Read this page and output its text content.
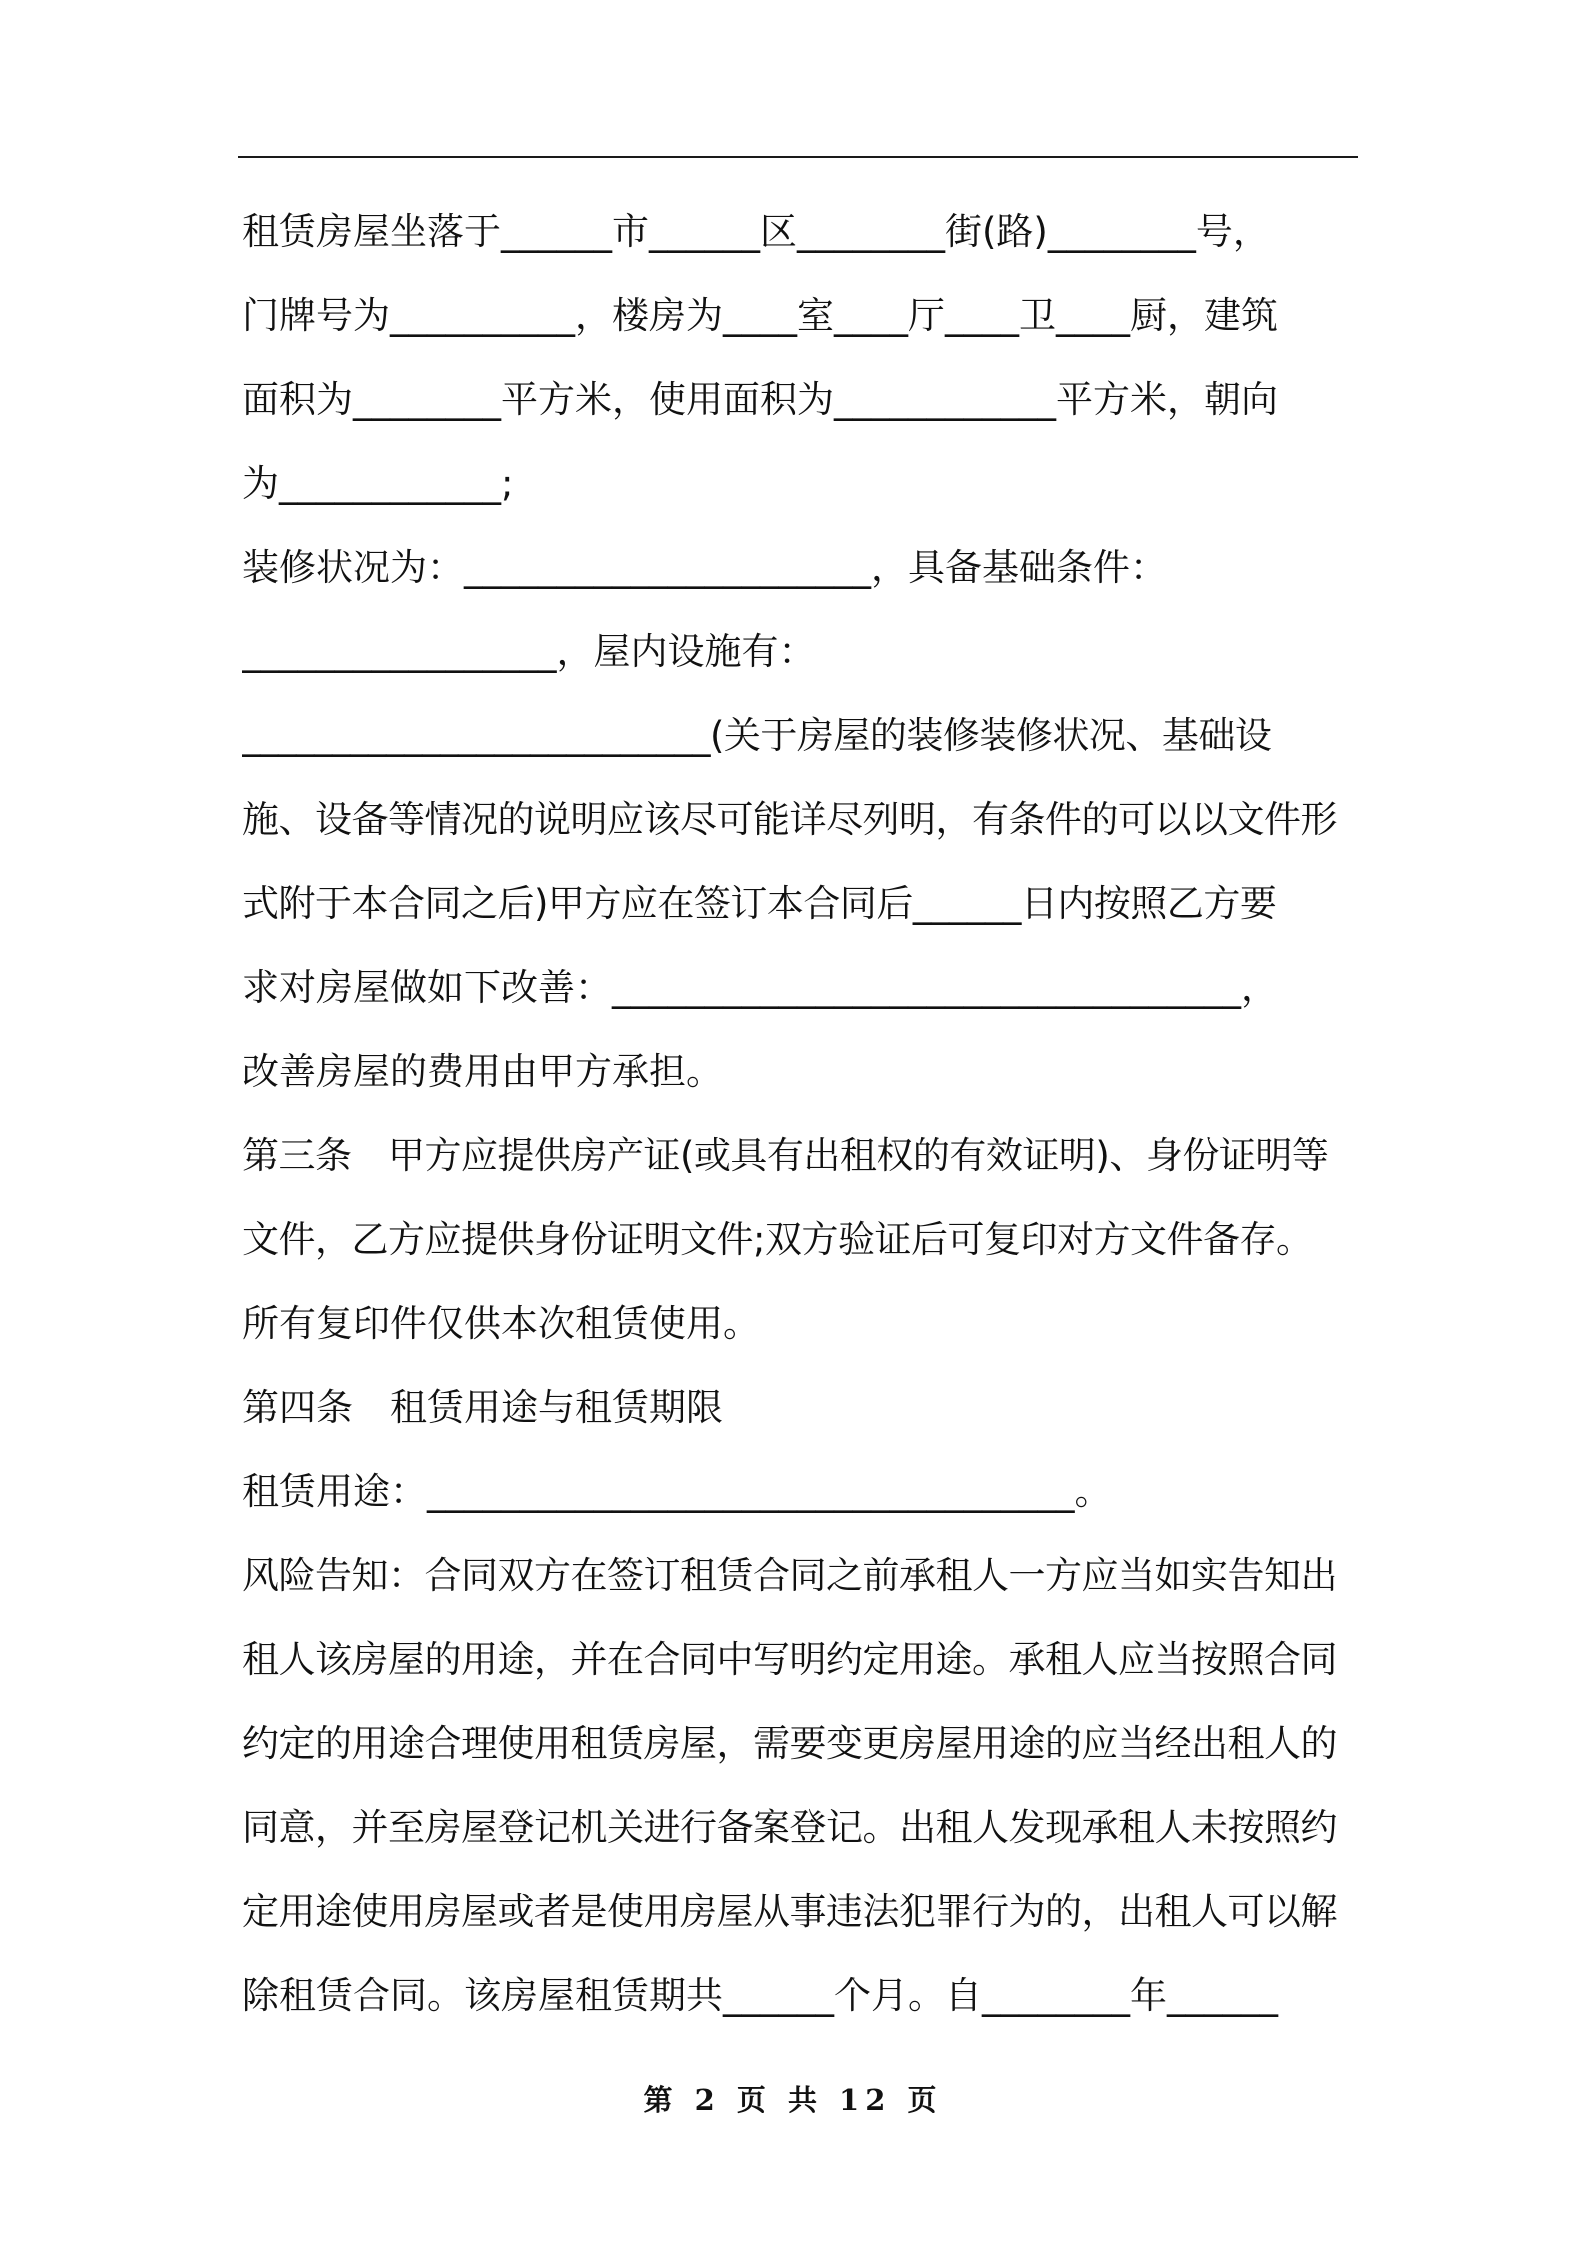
租赁房屋坐落于______市______区________街(路)________号，
门牌号为__________，楼房为____室____厅____卫____厨，建筑
面积为________平方米，使用面积为____________平方米，朝向
为____________;
装修状况为：______________________，具备基础条件：
_________________，屋内设施有：
__________________________(关于房屋的装修装修状况、基础设
施、设备等情况的说明应该尽可能详尽列明，有条件的可以以文件形
式附于本合同之后)甲方应在签订本合同后______日内按照乙方要
求对房屋做如下改善：__________________________________，
改善房屋的费用由甲方承担。
第三条　甲方应提供房产证(或具有出租权的有效证明)、身份证明等
文件，乙方应提供身份证明文件;双方验证后可复印对方文件备存。
所有复印件仅供本次租赁使用。
第四条　租赁用途与租赁期限
租赁用途：___________________________________。
风险告知：合同双方在签订租赁合同之前承租人一方应当如实告知出
租人该房屋的用途，并在合同中写明约定用途。承租人应当按照合同
约定的用途合理使用租赁房屋，需要变更房屋用途的应当经出租人的
同意，并至房屋登记机关进行备案登记。出租人发现承租人未按照约
定用途使用房屋或者是使用房屋从事违法犯罪行为的，出租人可以解
除租赁合同。该房屋租赁期共______个月。自________年______
第 2 页 共 12 页
